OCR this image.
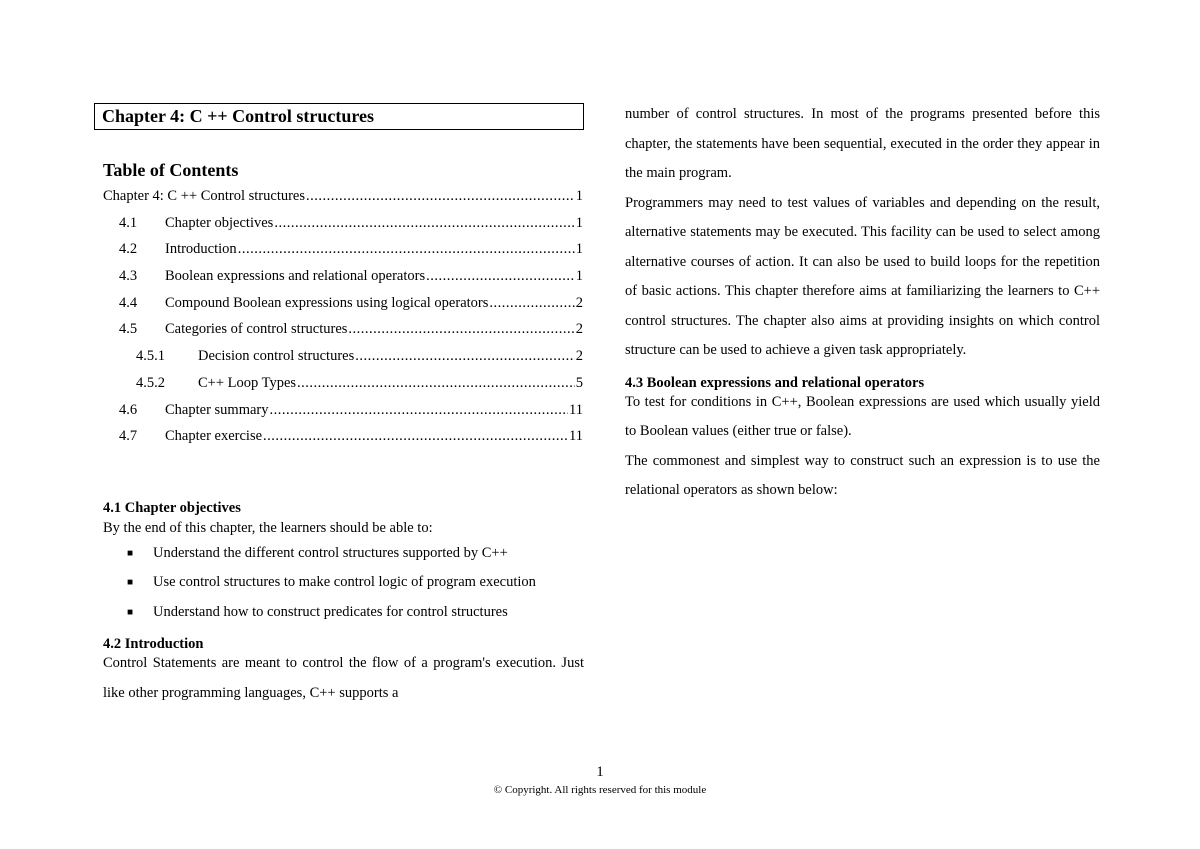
Chapter 4: C ++ Control structures
Table of Contents
Chapter 4: C ++ Control structures .....	1
4.1	Chapter objectives .....	1
4.2	Introduction .....	1
4.3	Boolean expressions and relational operators .....	1
4.4	Compound Boolean expressions using logical operators .....	2
4.5	Categories of control structures .....	2
4.5.1	Decision control structures .....	2
4.5.2	C++ Loop Types .....	5
4.6	Chapter summary .....	11
4.7	Chapter exercise .....	11
4.1 Chapter objectives
By the end of this chapter, the learners should be able to:
■ Understand the different control structures supported by C++
■ Use control structures to make control logic of program execution
■ Understand how to construct predicates for control structures
4.2 Introduction
Control Statements are meant to control the flow of a program's execution. Just like other programming languages, C++ supports a
number of control structures. In most of the programs presented before this chapter, the statements have been sequential, executed in the order they appear in the main program.
Programmers may need to test values of variables and depending on the result, alternative statements may be executed. This facility can be used to select among alternative courses of action. It can also be used to build loops for the repetition of basic actions. This chapter therefore aims at familiarizing the learners to C++ control structures. The chapter also aims at providing insights on which control structure can be used to achieve a given task appropriately.
4.3 Boolean expressions and relational operators
To test for conditions in C++, Boolean expressions are used which usually yield to Boolean values (either true or false).
The commonest and simplest way to construct such an expression is to use the relational operators as shown below:
1
© Copyright. All rights reserved for this module
